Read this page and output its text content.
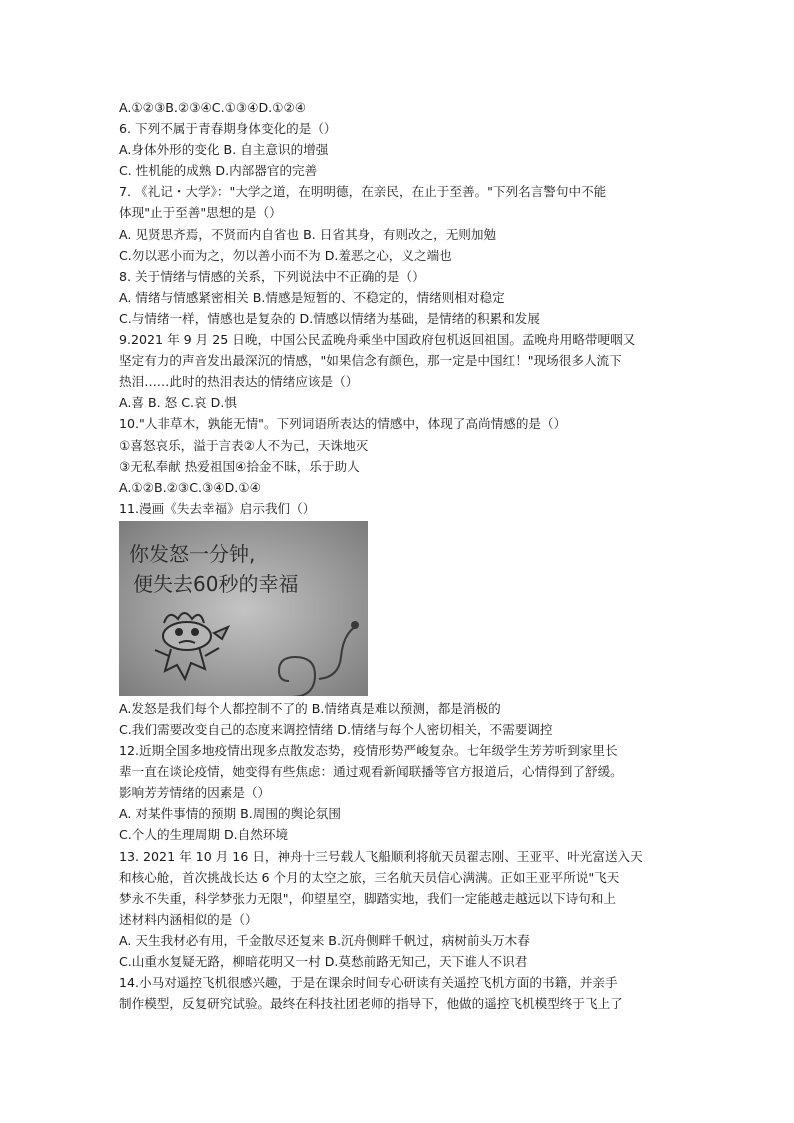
A.①②③B.②③④C.①③④D.①②④
6. 下列不属于青春期身体变化的是（）
A.身体外形的变化 B. 自主意识的增强
C. 性机能的成熟 D.内部器官的完善
7. 《礼记・大学》："大学之道，在明明德，在亲民，在止于至善。"下列名言警句中不能
体现"止于至善"思想的是（）
A. 见贤思齐焉，不贤而内自省也 B. 日省其身，有则改之，无则加勉
C.勿以恶小而为之，勿以善小而不为 D.羞恶之心，义之端也
8. 关于情绪与情感的关系，下列说法中不正确的是（）
A. 情绪与情感紧密相关 B.情感是短暂的、不稳定的，情绪则相对稳定
C.与情绪一样，情感也是复杂的 D.情感以情绪为基础，是情绪的积累和发展
9.2021 年 9 月 25 日晚，中国公民孟晚舟乘坐中国政府包机返回祖国。孟晚舟用略带哽咽又
坚定有力的声音发出最深沉的情感，"如果信念有颜色，那一定是中国红！"现场很多人流下
热泪……此时的热泪表达的情绪应该是（）
A.喜 B. 怒 C.哀 D.惧
10."人非草木，孰能无情"。下列词语所表达的情感中，体现了高尚情感的是（）
①喜怒哀乐，溢于言表②人不为己，天诛地灭
③无私奉献 热爱祖国④拾金不昧，乐于助人
A.①②B.②③C.③④D.①④
11.漫画《失去幸福》启示我们（）
你发怒一分钟,
便失去60秒的幸福
A.发怒是我们每个人都控制不了的 B.情绪真是难以预测，都是消极的
C.我们需要改变自己的态度来调控情绪 D.情绪与每个人密切相关，不需要调控
12.近期全国多地疫情出现多点散发态势，疫情形势严峻复杂。七年级学生芳芳听到家里长
辈一直在谈论疫情，她变得有些焦虑：通过观看新闻联播等官方报道后，心情得到了舒缓。
影响芳芳情绪的因素是（）
A. 对某件事情的预期 B.周围的舆论氛围
C.个人的生理周期 D.自然环境
13. 2021 年 10 月 16 日，神舟十三号载人飞船顺利将航天员翟志刚、王亚平、叶光富送入天
和核心舱，首次挑战长达 6 个月的太空之旅，三名航天员信心满满。正如王亚平所说"飞天
梦永不失重，科学梦张力无限"，仰望星空，脚踏实地，我们一定能越走越远以下诗句和上
述材料内涵相似的是（）
A. 天生我材必有用，千金散尽还复来 B.沉舟侧畔千帆过，病树前头万木春
C.山重水复疑无路，柳暗花明又一村 D.莫愁前路无知己，天下谁人不识君
14.小马对遥控飞机很感兴趣，于是在课余时间专心研读有关遥控飞机方面的书籍，并亲手
制作模型，反复研究试验。最终在科技社团老师的指导下，他做的遥控飞机模型终于飞上了
